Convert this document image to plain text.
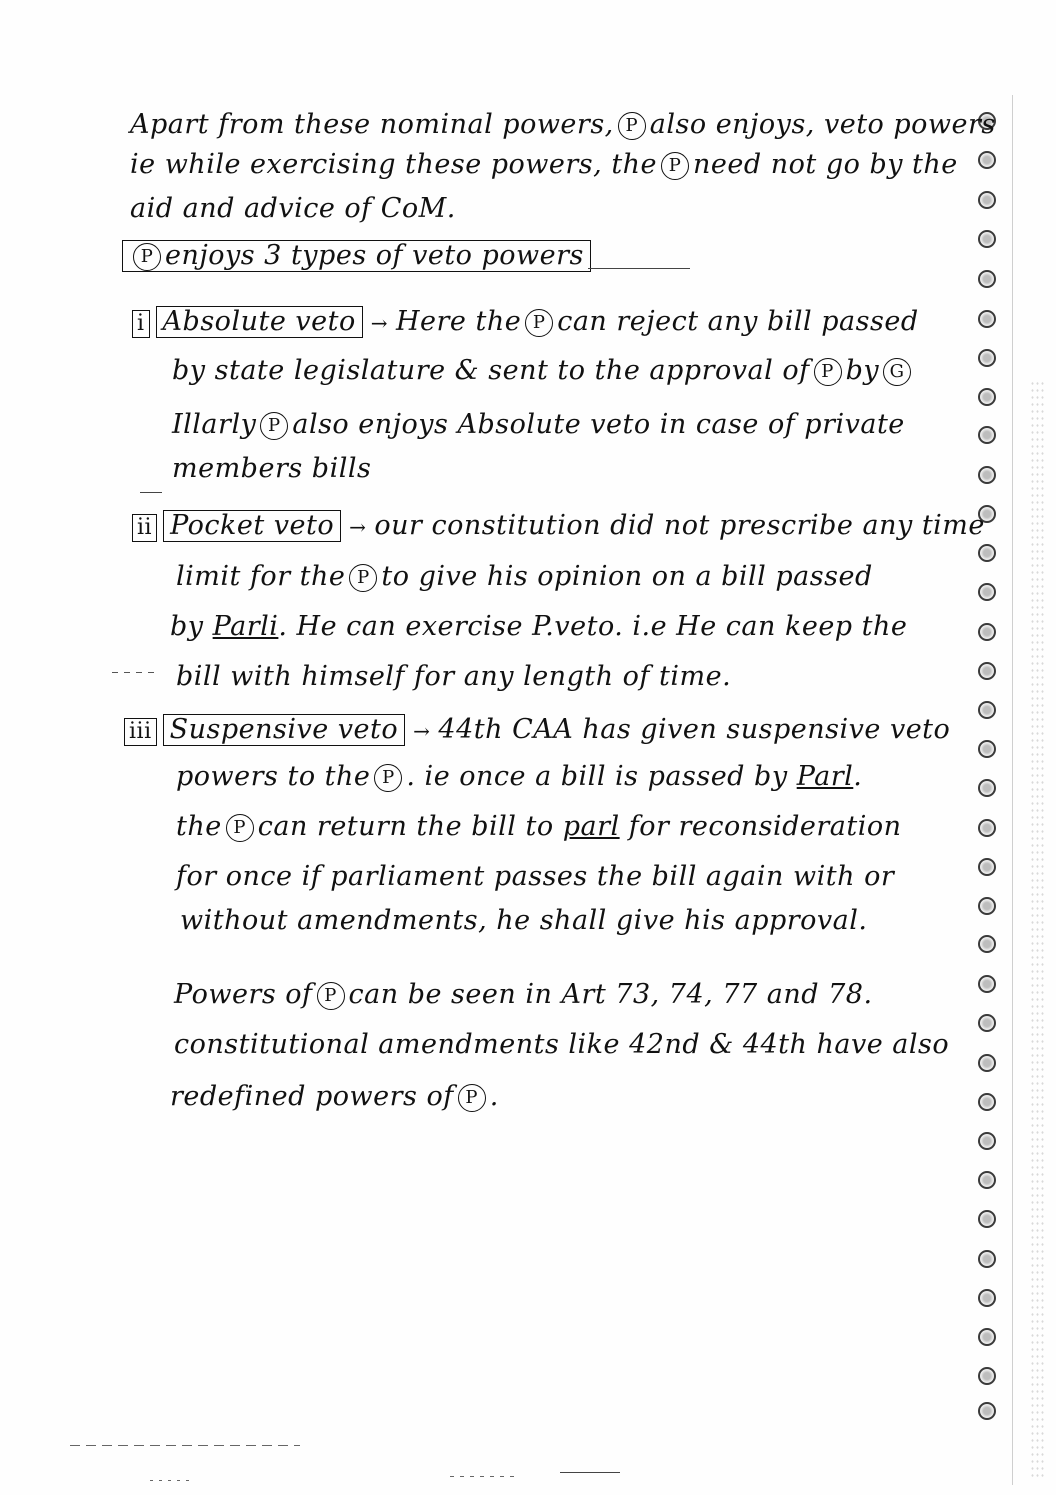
Apart from these nominal powers, P also enjoys, veto powers
ie while exercising these powers, the P need not go by the
aid and advice of CoM.
P enjoys 3 types of veto powers
i Absolute veto → Here the P can reject any bill passed
by state legislature & sent to the approval of P by G
Illarly P also enjoys Absolute veto in case of private
members bills
ii Pocket veto → our constitution did not prescribe any time
limit for the P to give his opinion on a bill passed
by Parli. He can exercise P.veto. i.e He can keep the
bill with himself for any length of time.
iii Suspensive veto → 44th CAA has given suspensive veto
powers to the P . ie once a bill is passed by Parl.
the P can return the bill to parl for reconsideration
for once if parliament passes the bill again with or
without amendments, he shall give his approval.
Powers of P can be seen in Art 73, 74, 77 and 78.
constitutional amendments like 42nd & 44th have also
redefined powers of P .
